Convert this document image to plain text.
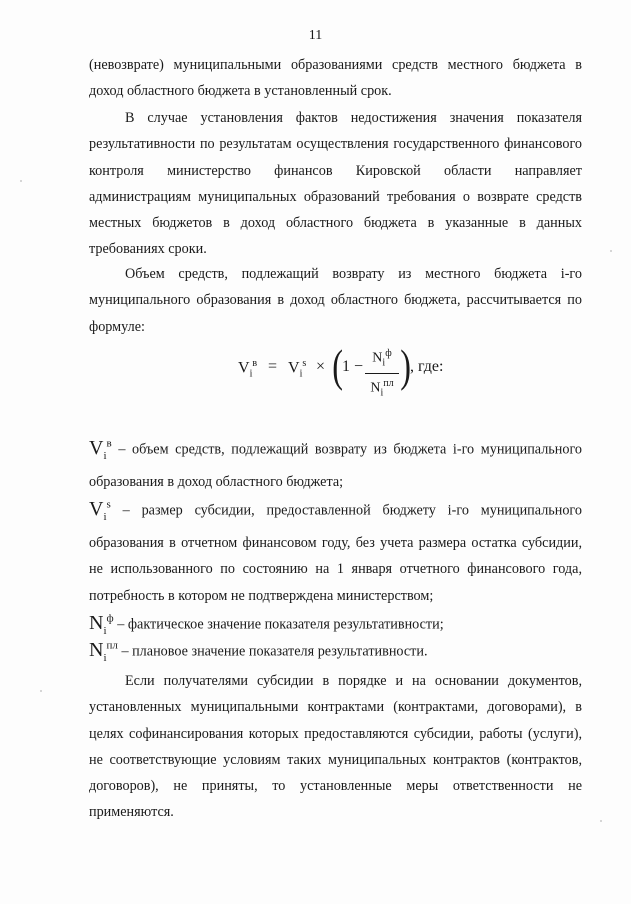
11

(невозврате) муниципальными образованиями средств местного бюджета в доход областного бюджета в установленный срок.

В случае установления фактов недостижения значения показателя результативности по результатам осуществления государственного финансового контроля министерство финансов Кировской области направляет администрациям муниципальных образований требования о возврате средств местных бюджетов в доход областного бюджета в указанные в данных требованиях сроки.

Объем средств, подлежащий возврату из местного бюджета i-го муниципального образования в доход областного бюджета, рассчитывается по формуле:

$V_i^в = V_i^s$ × (
$1 - N_i^ф$
$N_i^{пл}$ )
, где:
$V_i^в$ – объем средств, подлежащий возврату из бюджета i-го муниципального образования в доход областного бюджета;
$V_i^s$ – размер субсидии, предоставленной бюджету i-го муниципального образования в отчетном финансовом году, без учета размера остатка субсидии, не использованного по состоянию на 1 января отчетного финансового года, потребность в котором не подтверждена министерством;
$N_i^ф$ – фактическое значение показателя результативности;
$N_i^{пл}$ – плановое значение показателя результативности.

Если получателями субсидии в порядке и на основании документов, установленных муниципальными контрактами (контрактами, договорами), в целях софинансирования которых предоставляются субсидии, работы (услуги), не соответствующие условиям таких муниципальных контрактов (контрактов, договоров), не приняты, то установленные меры ответственности не применяются.
